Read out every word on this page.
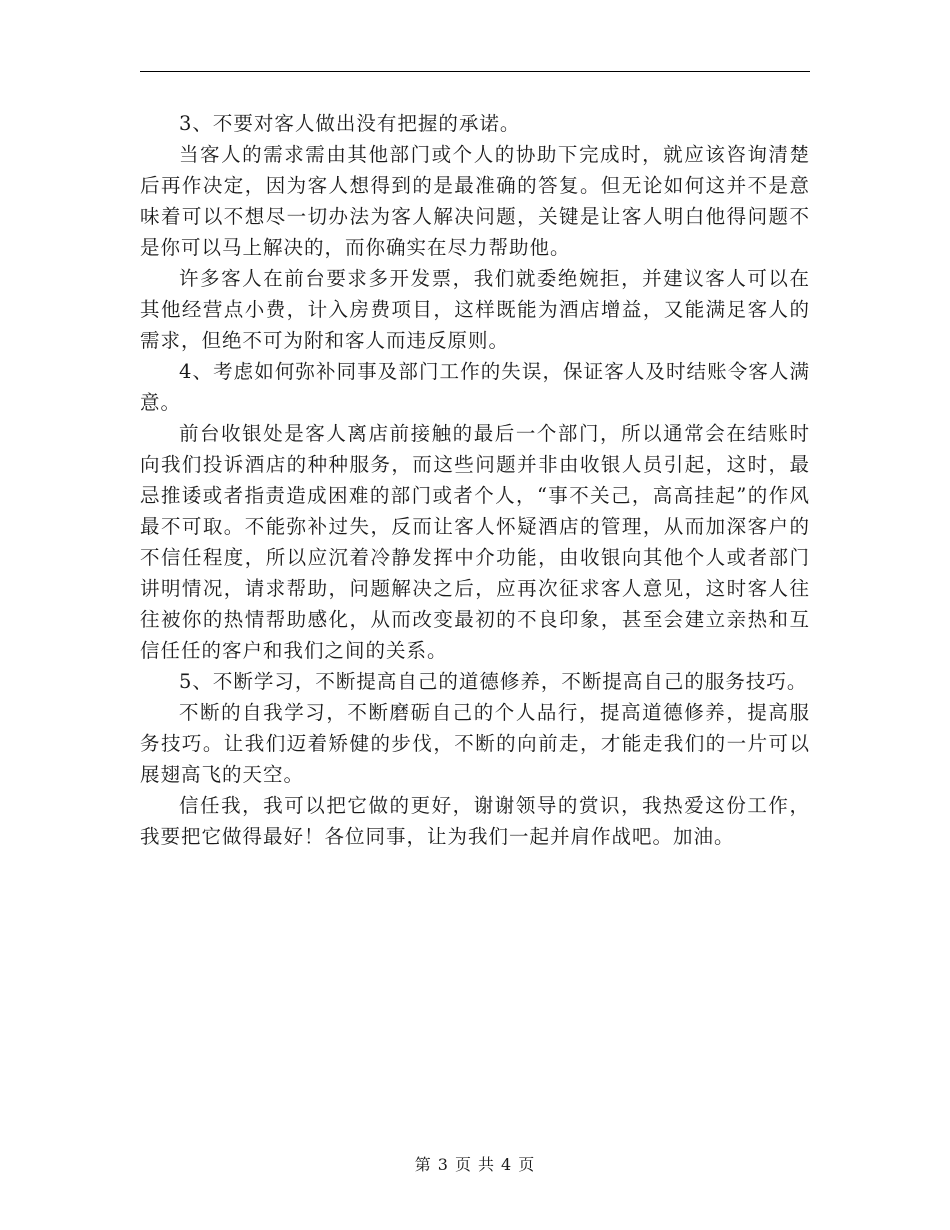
3、不要对客人做出没有把握的承诺。

当客人的需求需由其他部门或个人的协助下完成时，就应该咨询清楚后再作决定，因为客人想得到的是最准确的答复。但无论如何这并不是意味着可以不想尽一切办法为客人解决问题，关键是让客人明白他得问题不是你可以马上解决的，而你确实在尽力帮助他。

许多客人在前台要求多开发票，我们就委绝婉拒，并建议客人可以在其他经营点小费，计入房费项目，这样既能为酒店增益，又能满足客人的需求，但绝不可为附和客人而违反原则。

4、考虑如何弥补同事及部门工作的失误，保证客人及时结账令客人满意。

前台收银处是客人离店前接触的最后一个部门，所以通常会在结账时向我们投诉酒店的种种服务，而这些问题并非由收银人员引起，这时，最忌推诿或者指责造成困难的部门或者个人，“事不关己，高高挂起”的作风最不可取。不能弥补过失，反而让客人怀疑酒店的管理，从而加深客户的不信任程度，所以应沉着冷静发挥中介功能，由收银向其他个人或者部门讲明情况，请求帮助，问题解决之后，应再次征求客人意见，这时客人往往被你的热情帮助感化，从而改变最初的不良印象，甚至会建立亲热和互信任任的客户和我们之间的关系。

5、不断学习，不断提高自己的道德修养，不断提高自己的服务技巧。

不断的自我学习，不断磨砺自己的个人品行，提高道德修养，提高服务技巧。让我们迈着矫健的步伐，不断的向前走，才能走我们的一片可以展翅高飞的天空。

信任我，我可以把它做的更好，谢谢领导的赏识，我热爱这份工作，我要把它做得最好！各位同事，让为我们一起并肩作战吧。加油。

第 3 页 共 4 页
